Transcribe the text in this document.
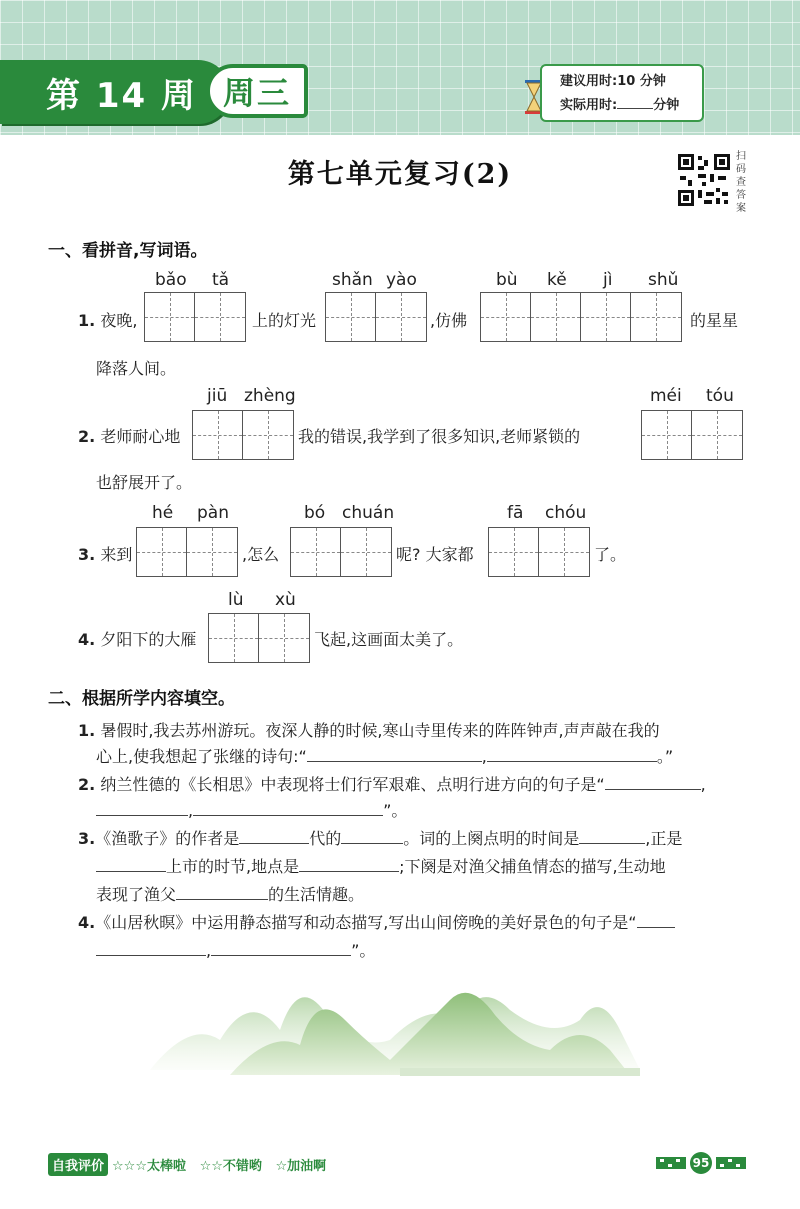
第 14 周 周三	建议用时:10 分钟
实际用时:	分钟
第七单元复习(2)
扫
码
查
答
案
一、看拼音,写词语。
bǎo tǎ	shǎn yào	bù kě jì shǔ
1. 夜晚,	上的灯光	,仿佛	的星星
降落人间。
jiū zhèng	méi tóu
2. 老师耐心地	我的错误,我学到了很多知识,老师紧锁的
也舒展开了。
hé pàn	bó chuán	fā chóu
3. 来到	,怎么	呢? 大家都	了。
lù xù
4. 夕阳下的大雁	飞起,这画面太美了。
二、根据所学内容填空。
1. 暑假时,我去苏州游玩。夜深人静的时候,寒山寺里传来的阵阵钟声,声声敲在我的
心上,使我想起了张继的诗句:“	,	。”
2. 纳兰性德的《长相思》中表现将士们行军艰难、点明行进方向的句子是“	,
,	”。
3.《渔歌子》的作者是	代的	。词的上阕点明的时间是	,正是
上市的时节,地点是	;下阕是对渔父捕鱼情态的描写,生动地
表现了渔父	的生活情趣。
4.《山居秋暝》中运用静态描写和动态描写,写出山间傍晚的美好景色的句子是“
,	”。
自我评价 ☆☆☆太棒啦 ☆☆不错哟 ☆加油啊	95
